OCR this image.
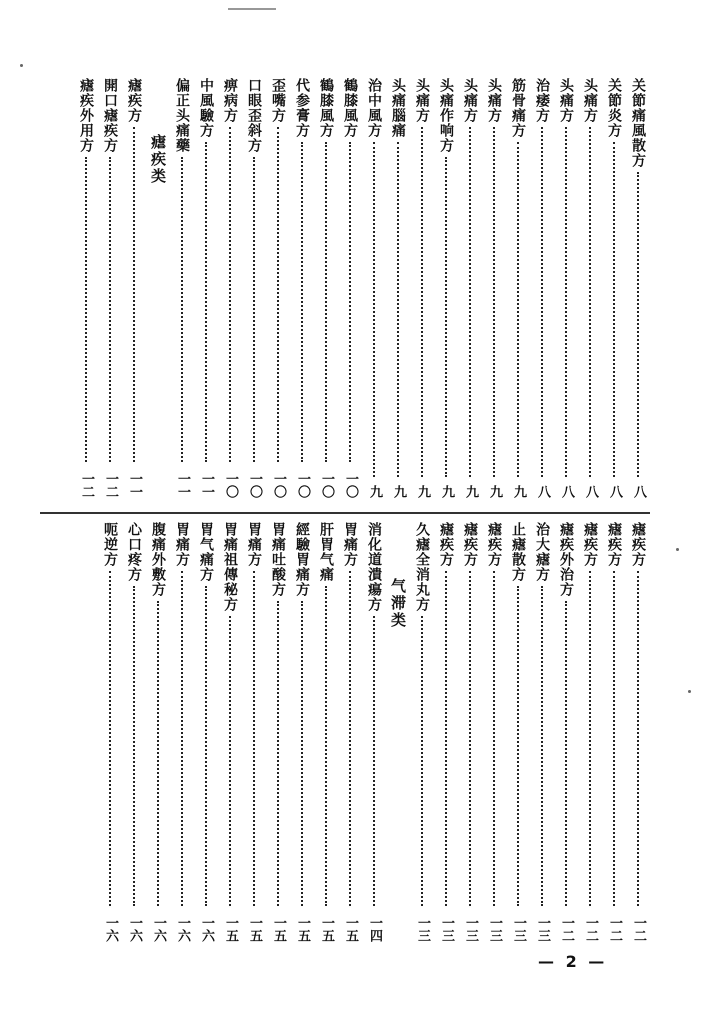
关節痛風散方
八
关節炎方
八
头痛方
八
头痛方
八
治痿方
八
筋骨痛方
九
头痛方
九
头痛方
九
头痛作响方
九
头痛方
九
头痛腦痛
九
治中風方
九
鶴膝風方
一〇
鶴膝風方
一〇
代参膏方
一〇
歪嘴方
一〇
口眼歪斜方
一〇
痹病方
一〇
中風驗方
一一
偏正头痛藥
一一
瘧疾类
瘧疾方
一一
開口瘧疾方
一二
瘧疾外用方
一二
瘧疾方
一二
瘧疾方
一二
瘧疾方
一二
瘧疾外治方
一二
治大瘧方
一三
止瘧散方
一三
瘧疾方
一三
瘧疾方
一三
瘧疾方
一三
久瘧全消丸方
一三
气滞类
消化道潰瘍方
一四
胃痛方
一五
肝胃气痛
一五
經驗胃痛方
一五
胃痛吐酸方
一五
胃痛方
一五
胃痛祖傳秘方
一五
胃气痛方
一六
胃痛方
一六
腹痛外敷方
一六
心口疼方
一六
呃逆方
一六
— 2 —
